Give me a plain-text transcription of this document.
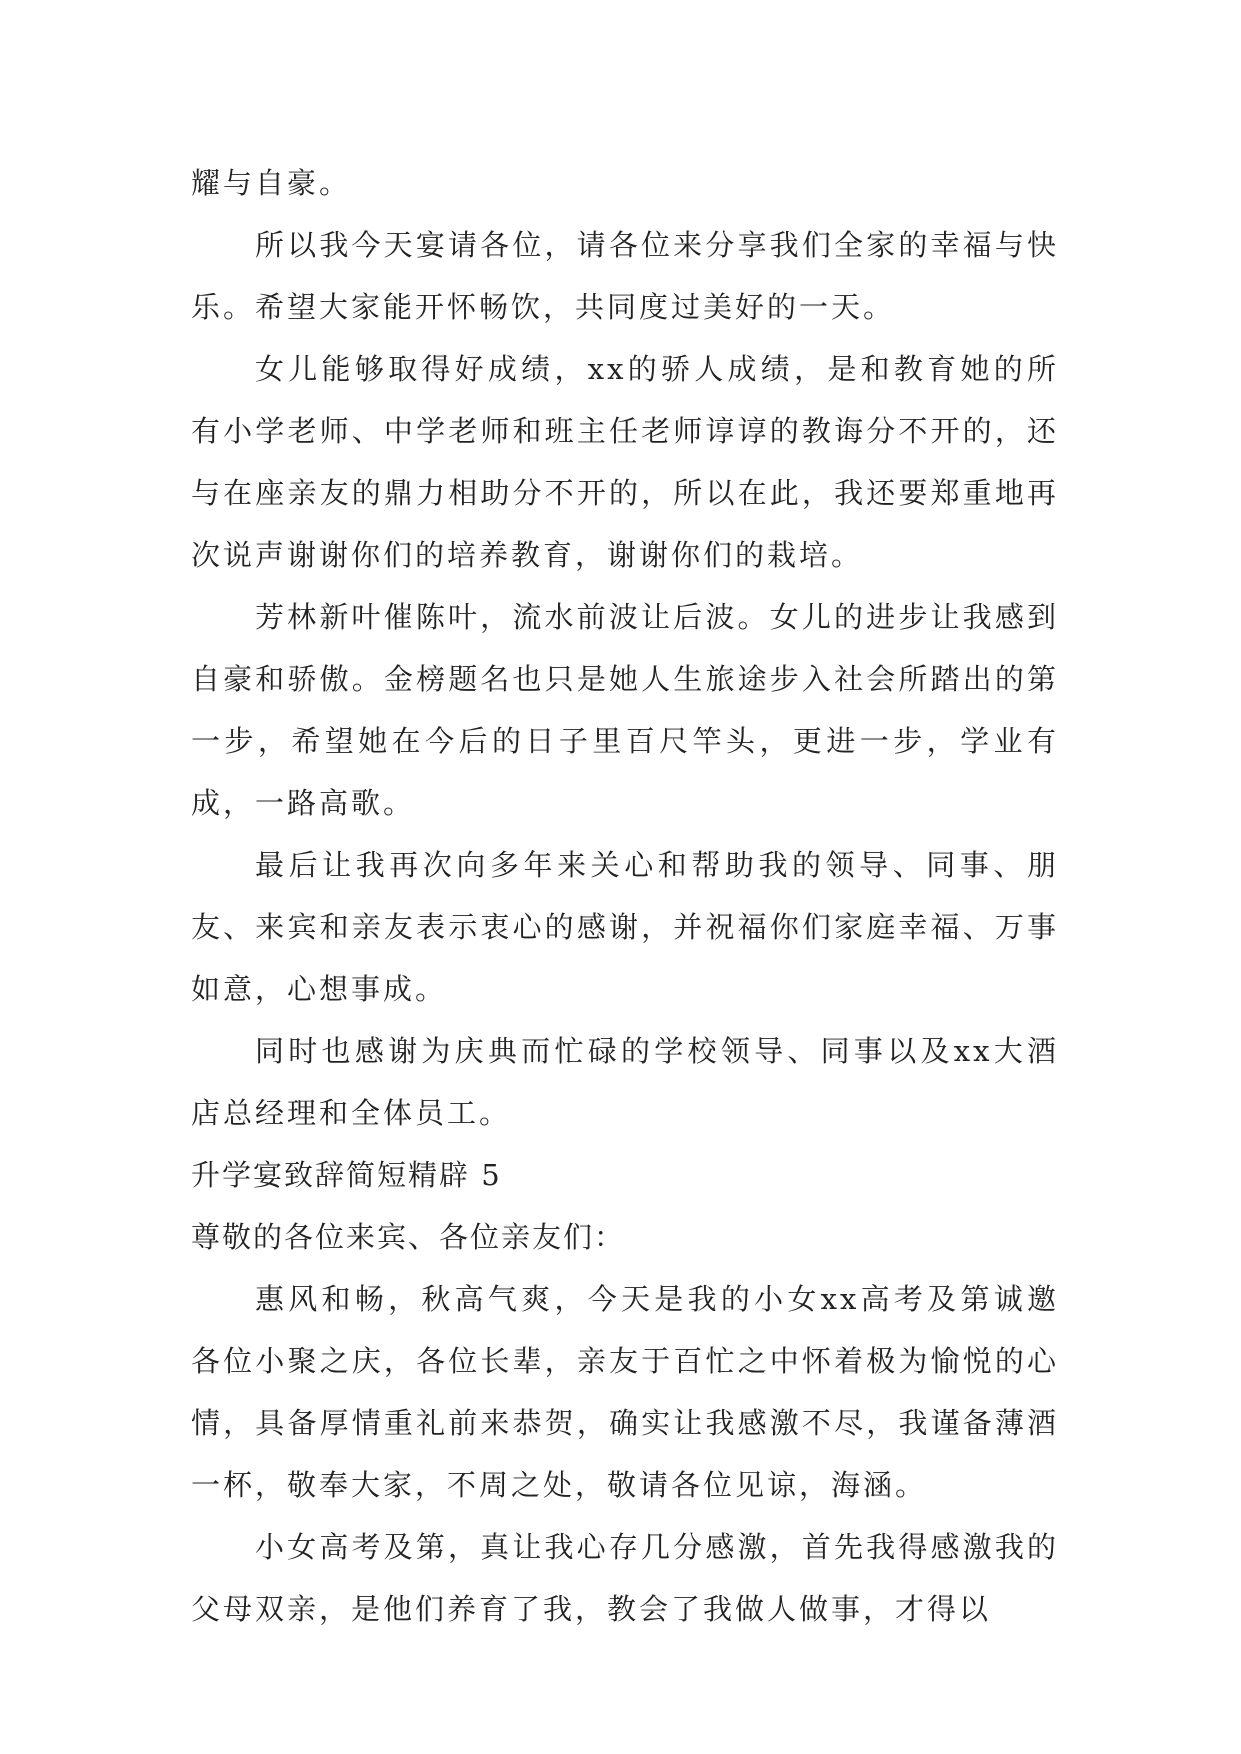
耀与自豪。

所以我今天宴请各位，请各位来分享我们全家的幸福与快乐。希望大家能开怀畅饮，共同度过美好的一天。

女儿能够取得好成绩，xx的骄人成绩，是和教育她的所有小学老师、中学老师和班主任老师谆谆的教诲分不开的，还与在座亲友的鼎力相助分不开的，所以在此，我还要郑重地再次说声谢谢你们的培养教育，谢谢你们的栽培。

芳林新叶催陈叶，流水前波让后波。女儿的进步让我感到自豪和骄傲。金榜题名也只是她人生旅途步入社会所踏出的第一步，希望她在今后的日子里百尺竿头，更进一步，学业有成，一路高歌。

最后让我再次向多年来关心和帮助我的领导、同事、朋友、来宾和亲友表示衷心的感谢，并祝福你们家庭幸福、万事如意，心想事成。

同时也感谢为庆典而忙碌的学校领导、同事以及xx大酒店总经理和全体员工。

升学宴致辞简短精辟 5

尊敬的各位来宾、各位亲友们：

惠风和畅，秋高气爽，今天是我的小女xx高考及第诚邀各位小聚之庆，各位长辈，亲友于百忙之中怀着极为愉悦的心情，具备厚情重礼前来恭贺，确实让我感激不尽，我谨备薄酒一杯，敬奉大家，不周之处，敬请各位见谅，海涵。

小女高考及第，真让我心存几分感激，首先我得感激我的父母双亲，是他们养育了我，教会了我做人做事，才得以
